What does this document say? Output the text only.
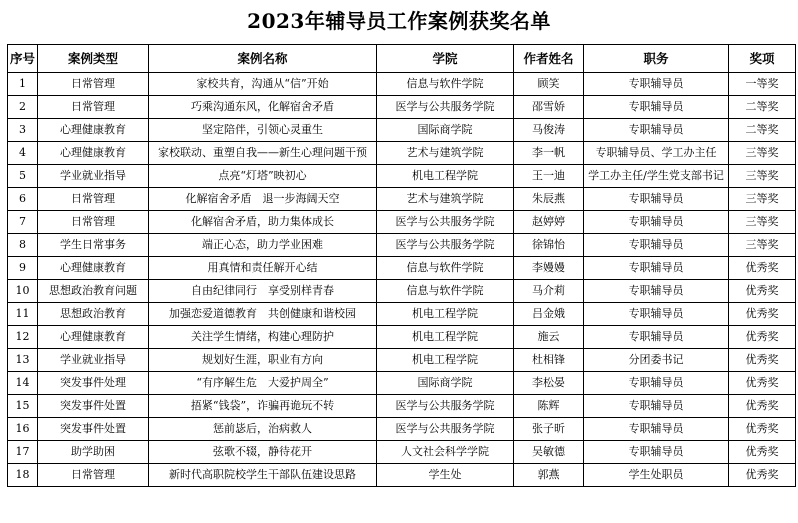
2023年辅导员工作案例获奖名单
序号	案例类型	案例名称	学院	作者姓名	职务	奖项
1	日常管理	家校共育，沟通从“信”开始	信息与软件学院	顾笑	专职辅导员	一等奖
2	日常管理	巧乘沟通东风，化解宿舍矛盾	医学与公共服务学院	邵雪娇	专职辅导员	二等奖
3	心理健康教育	坚定陪伴，引领心灵重生	国际商学院	马俊涛	专职辅导员	二等奖
4	心理健康教育	家校联动、重塑自我——新生心理问题干预	艺术与建筑学院	李一帆	专职辅导员、学工办主任	三等奖
5	学业就业指导	点亮“灯塔”映初心	机电工程学院	王一迪	学工办主任/学生党支部书记	三等奖
6	日常管理	化解宿舍矛盾　退一步海阔天空	艺术与建筑学院	朱辰燕	专职辅导员	三等奖
7	日常管理	化解宿舍矛盾，助力集体成长	医学与公共服务学院	赵婷婷	专职辅导员	三等奖
8	学生日常事务	端正心态，助力学业困难	医学与公共服务学院	徐锦怡	专职辅导员	三等奖
9	心理健康教育	用真情和责任解开心结	信息与软件学院	李嫚嫚	专职辅导员	优秀奖
10	思想政治教育问题	自由纪律同行　享受别样青春	信息与软件学院	马介莉	专职辅导员	优秀奖
11	思想政治教育	加强恋爱道德教育　共创健康和谐校园	机电工程学院	吕金娥	专职辅导员	优秀奖
12	心理健康教育	关注学生情绪，构建心理防护	机电工程学院	施云	专职辅导员	优秀奖
13	学业就业指导	规划好生涯，职业有方向	机电工程学院	杜相锋	分团委书记	优秀奖
14	突发事件处理	“有序解生危　大爱护周全”	国际商学院	李松晏	专职辅导员	优秀奖
15	突发事件处置	捂紧“钱袋”，诈骗再诡玩不转	医学与公共服务学院	陈辉	专职辅导员	优秀奖
16	突发事件处置	惩前毖后，治病救人	医学与公共服务学院	张子昕	专职辅导员	优秀奖
17	助学助困	弦歌不辍，静待花开	人文社会科学学院	吴敏德	专职辅导员	优秀奖
18	日常管理	新时代高职院校学生干部队伍建设思路	学生处	郭燕	学生处职员	优秀奖
